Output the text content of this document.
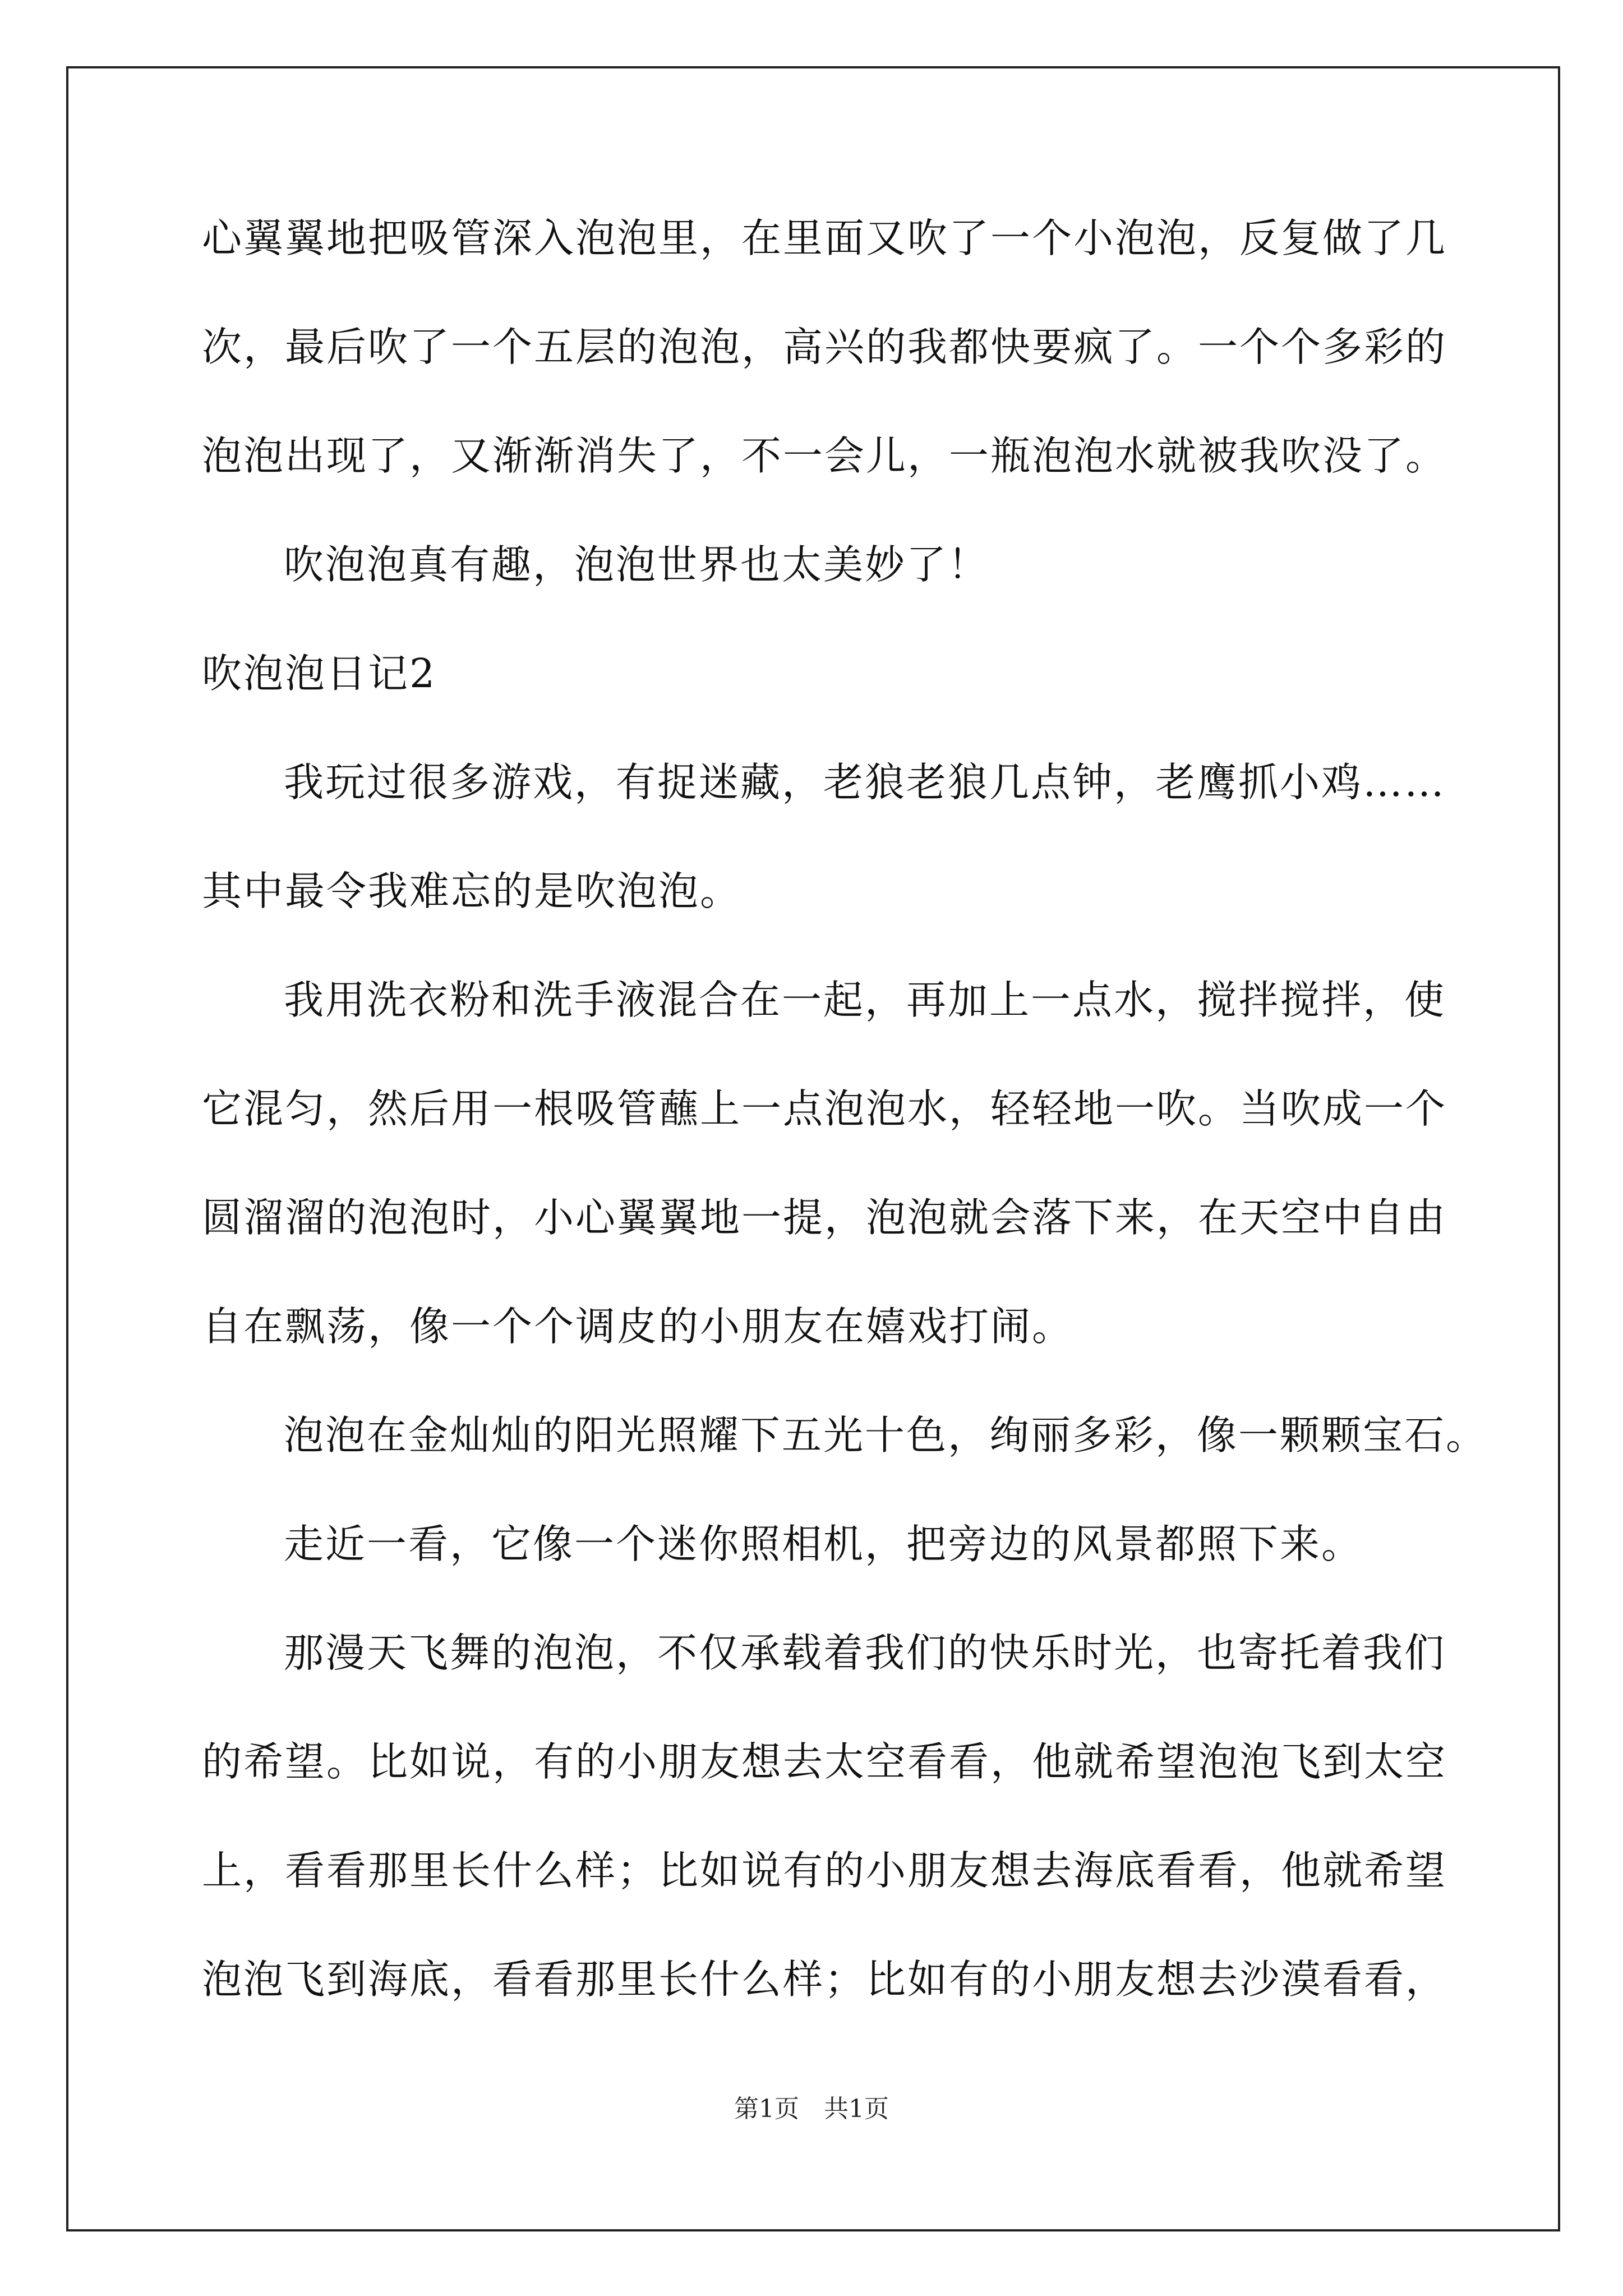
心翼翼地把吸管深入泡泡里，在里面又吹了一个小泡泡，反复做了几
次，最后吹了一个五层的泡泡，高兴的我都快要疯了。一个个多彩的
泡泡出现了，又渐渐消失了，不一会儿，一瓶泡泡水就被我吹没了。
吹泡泡真有趣，泡泡世界也太美妙了！
吹泡泡日记2
我玩过很多游戏，有捉迷藏，老狼老狼几点钟，老鹰抓小鸡……
其中最令我难忘的是吹泡泡。
我用洗衣粉和洗手液混合在一起，再加上一点水，搅拌搅拌，使
它混匀，然后用一根吸管蘸上一点泡泡水，轻轻地一吹。当吹成一个
圆溜溜的泡泡时，小心翼翼地一提，泡泡就会落下来，在天空中自由
自在飘荡，像一个个调皮的小朋友在嬉戏打闹。
泡泡在金灿灿的阳光照耀下五光十色，绚丽多彩，像一颗颗宝石。
走近一看，它像一个迷你照相机，把旁边的风景都照下来。
那漫天飞舞的泡泡，不仅承载着我们的快乐时光，也寄托着我们
的希望。比如说，有的小朋友想去太空看看，他就希望泡泡飞到太空
上，看看那里长什么样；比如说有的小朋友想去海底看看，他就希望
泡泡飞到海底，看看那里长什么样；比如有的小朋友想去沙漠看看，
第1页　共1页
